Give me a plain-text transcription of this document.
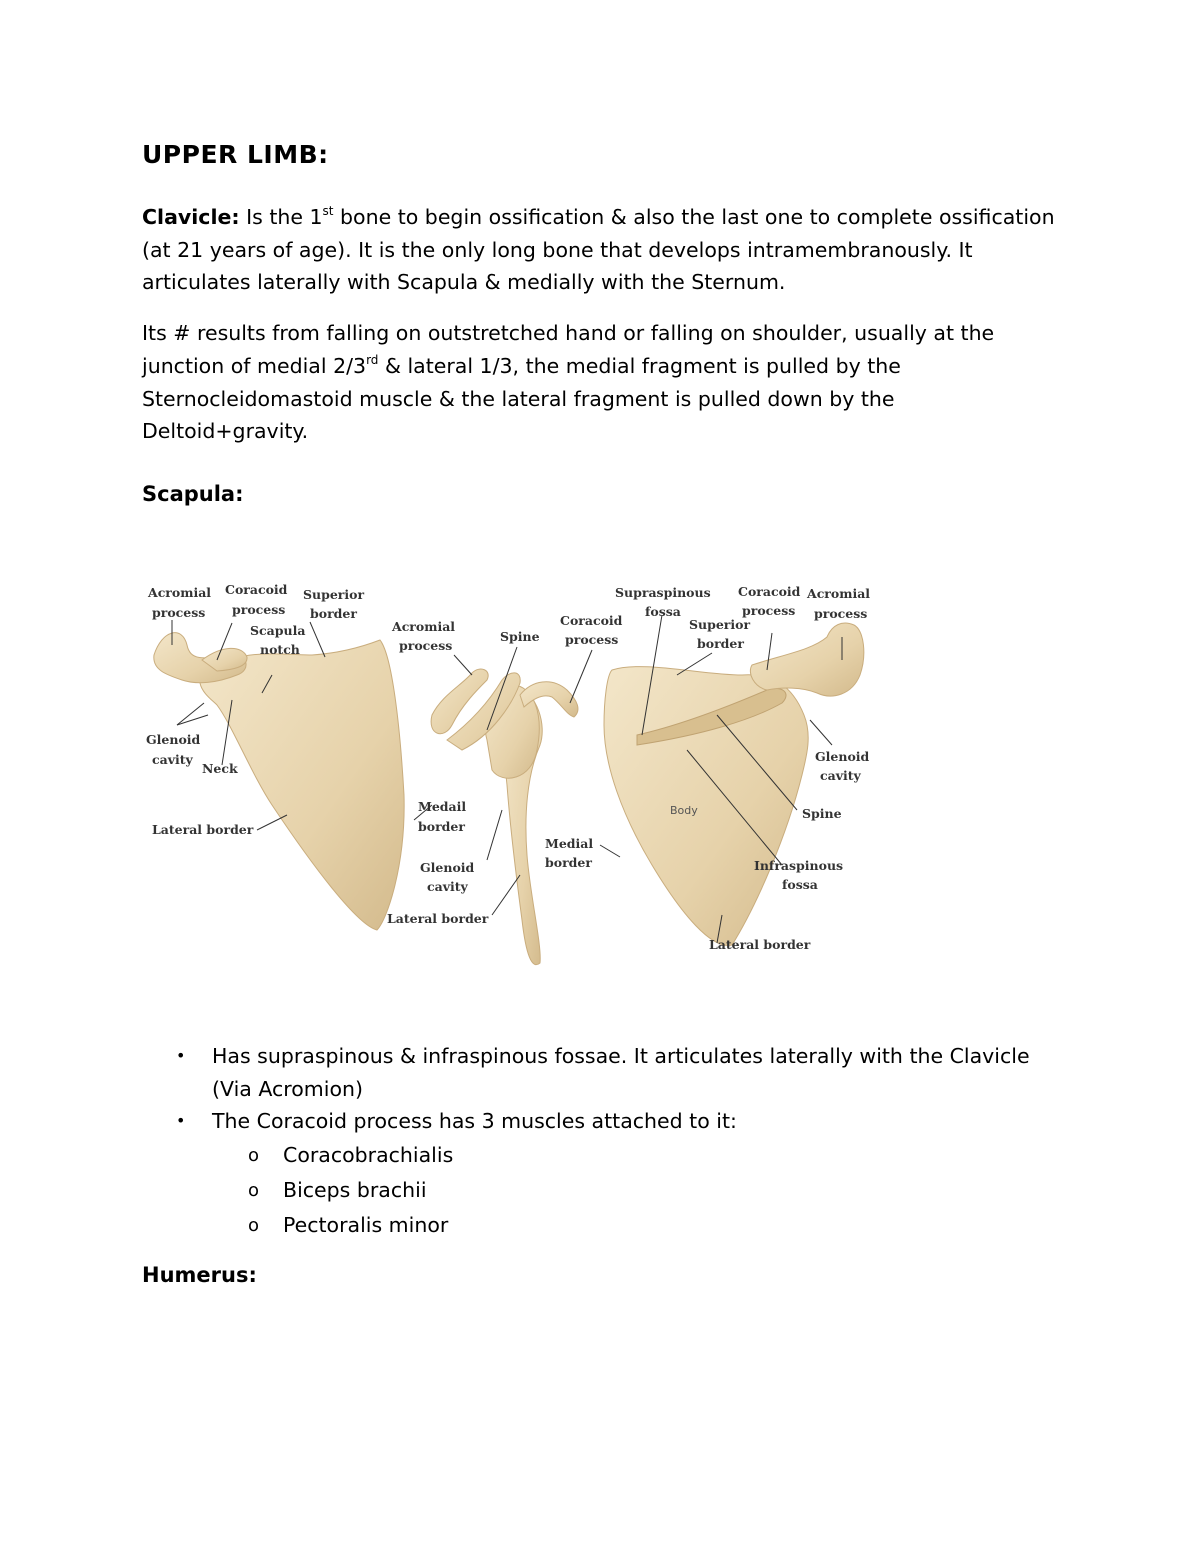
UPPER LIMB:

Clavicle: Is the 1st bone to begin ossification & also the last one to complete ossification (at 21 years of age). It is the only long bone that develops intramembranously. It articulates laterally with Scapula & medially with the Sternum.

Its # results from falling on outstretched hand or falling on shoulder, usually at the junction of medial 2/3rd & lateral 1/3, the medial fragment is pulled by the Sternocleidomastoid muscle & the lateral fragment is pulled down by the Deltoid+gravity.

Scapula:
Acromial
process
Coracoid
process
Superior
border
Scapula
notch
Glenoid
cavity
Neck
Lateral border
Acromial
process
Spine
Coracoid
process
Medail
border
Glenoid
cavity
Lateral border
Supraspinous
fossa
Superior
border
Coracoid
process
Acromial
process
Glenoid
cavity
Spine
Body
Medial
border	Infraspinous
fossa
Lateral border
• Has supraspinous & infraspinous fossae. It articulates laterally with the Clavicle (Via Acromion)
• The Coracoid process has 3 muscles attached to it:
o Coracobrachialis
o Biceps brachii
o Pectoralis minor
Humerus:
